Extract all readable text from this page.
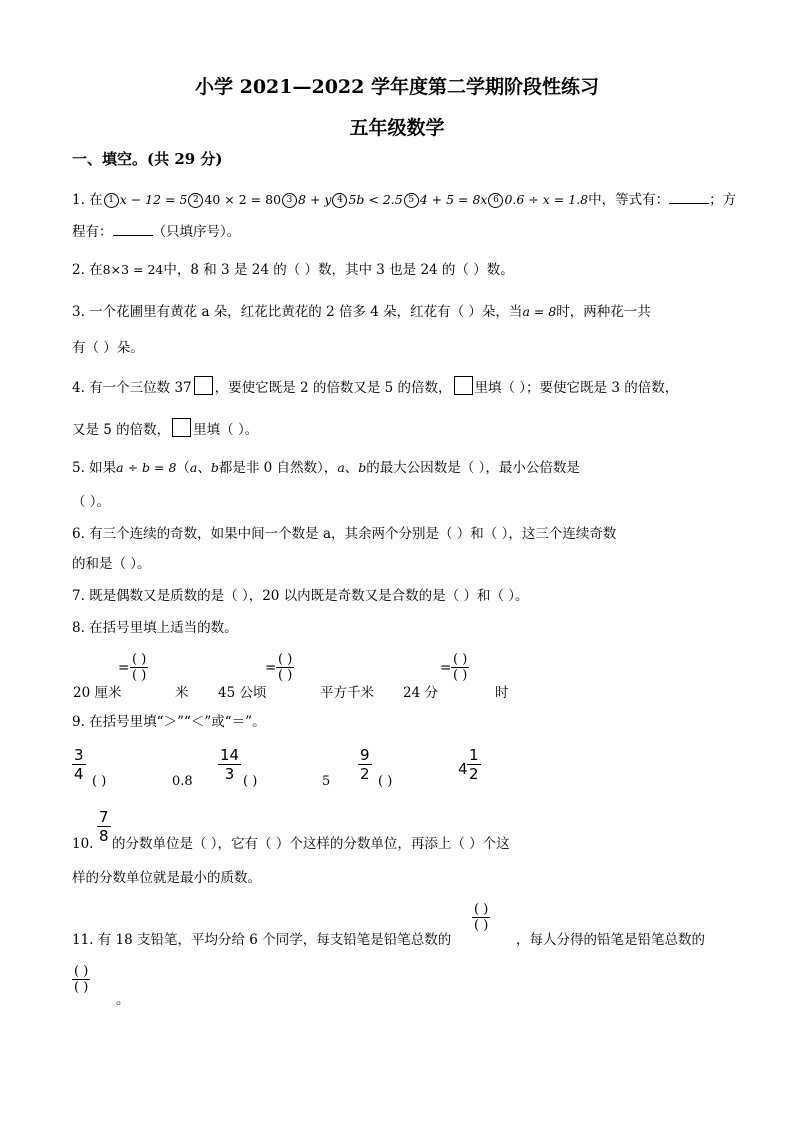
小学 2021—2022 学年度第二学期阶段性练习
五年级数学
一、填空。(共 29 分)
1. 在 1 x − 12 = 5 2 40 × 2 = 80 3 8 + y 4 5b < 2.5 5 4 + 5 = 8x 6 0.6 ÷ x = 1.8中，等式有：	；方
程有：	（只填序号）。
2. 在8×3 = 24中，8 和 3 是 24 的（ ）数，其中 3 也是 24 的（ ）数。
3. 一个花圃里有黄花 a 朵，红花比黄花的 2 倍多 4 朵，红花有（ ）朵，当a = 8时，两种花一共
有（ ）朵。
4. 有一个三位数 37 ，要使它既是 2 的倍数又是 5 的倍数， 里填（ ）；要使它既是 3 的倍数，
又是 5 的倍数， 里填（ ）。
5. 如果a ÷ b = 8（a、b都是非 0 自然数），a、b的最大公因数是（ ），最小公倍数是
（ ）。
6. 有三个连续的奇数，如果中间一个数是 a，其余两个分别是（ ）和（ ），这三个连续奇数
的和是（ ）。
7. 既是偶数又是质数的是（ ），20 以内既是奇数又是合数的是（ ）和（ ）。
8. 在括号里填上适当的数。
20 厘米
=
( )
( )
米 45 公顷
=
( )
( )
平方千米 24 分
=
( )
( )
时
9. 在括号里填“＞”“＜”或“＝”。
$\frac{3}{4}$ ( )	$0.8 \frac{14}{3}$ ( )	$5 \frac{9}{2}$ ( )
$4 \frac{1}{2}$
10. $\frac{7}{8}$ 的分数单位是（ ），它有（ ）个这样的分数单位，再添上（ ）个这
样的分数单位就是最小的质数。
11. 有 18 支铅笔，平均分给 6 个同学，每支铅笔是铅笔总数的
( )
( )
，每人分得的铅笔是铅笔总数的
( )
( )
。
